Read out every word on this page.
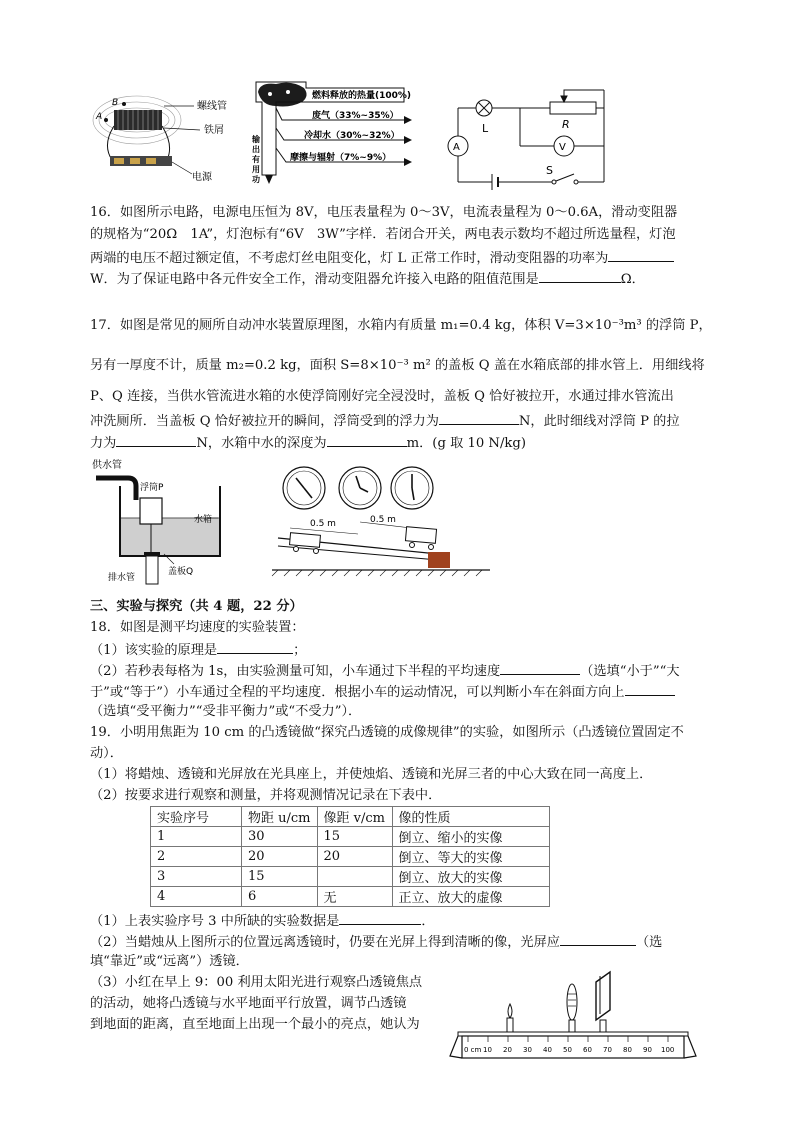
B
A
螺线管
铁屑
电源
燃料释放的热量(100%)
废气（33%~35%）
冷却水（30%~32%）
摩擦与辐射（7%~9%）
输
出
有
用
功
A	V
L	R
S
16．如图所示电路，电源电压恒为 8V，电压表量程为 0～3V，电流表量程为 0～0.6A，滑动变阻器
的规格为“20Ω　1A”，灯泡标有“6V　3W”字样．若闭合开关，两电表示数均不超过所选量程，灯泡
两端的电压不超过额定值，不考虑灯丝电阻变化，灯 L 正常工作时，滑动变阻器的功率为
W．为了保证电路中各元件安全工作，滑动变阻器允许接入电路的阻值范围是	Ω．
17．如图是常见的厕所自动冲水装置原理图，水箱内有质量 m₁=0.4 kg，体积 V=3×10⁻³m³ 的浮筒 P，
另有一厚度不计，质量 m₂=0.2 kg，面积 S=8×10⁻³ m² 的盖板 Q 盖在水箱底部的排水管上．用细线将
P、Q 连接，当供水管流进水箱的水使浮筒刚好完全浸没时，盖板 Q 恰好被拉开，水通过排水管流出
冲洗厕所．当盖板 Q 恰好被拉开的瞬间，浮筒受到的浮力为	N，此时细线对浮筒 P 的拉
力为	N，水箱中水的深度为	m．(g 取 10 N/kg)
供水管
浮筒P
排水管
盖板Q
水箱	0.5 m	0.5 m
三、实验与探究（共 4 题，22 分）
18．如图是测平均速度的实验装置：
（1）该实验的原理是	；
（2）若秒表每格为 1s，由实验测量可知，小车通过下半程的平均速度	（选填“小于”“大
于”或“等于”）小车通过全程的平均速度．根据小车的运动情况，可以判断小车在斜面方向上
（选填“受平衡力”“受非平衡力”或“不受力”）．
19．小明用焦距为 10 cm 的凸透镜做“探究凸透镜的成像规律”的实验，如图所示（凸透镜位置固定不
动）．
（1）将蜡烛、透镜和光屏放在光具座上，并使烛焰、透镜和光屏三者的中心大致在同一高度上．
（2）按要求进行观察和测量，并将观测情况记录在下表中．
实验序号	物距 u/cm	像距 v/cm	像的性质
1	30	15	倒立、缩小的实像
2	20	20	倒立、等大的实像
3	15		倒立、放大的实像
4	6	无	正立、放大的虚像
（1）上表实验序号 3 中所缺的实验数据是	．
（2）当蜡烛从上图所示的位置远离透镜时，仍要在光屏上得到清晰的像，光屏应	（选
填“靠近”或“远离”）透镜．
（3）小红在早上 9：00 利用太阳光进行观察凸透镜焦点
的活动，她将凸透镜与水平地面平行放置，调节凸透镜
到地面的距离，直至地面上出现一个最小的亮点，她认为
0 cm 10 20 30 40 50 60 70 80 90 100
